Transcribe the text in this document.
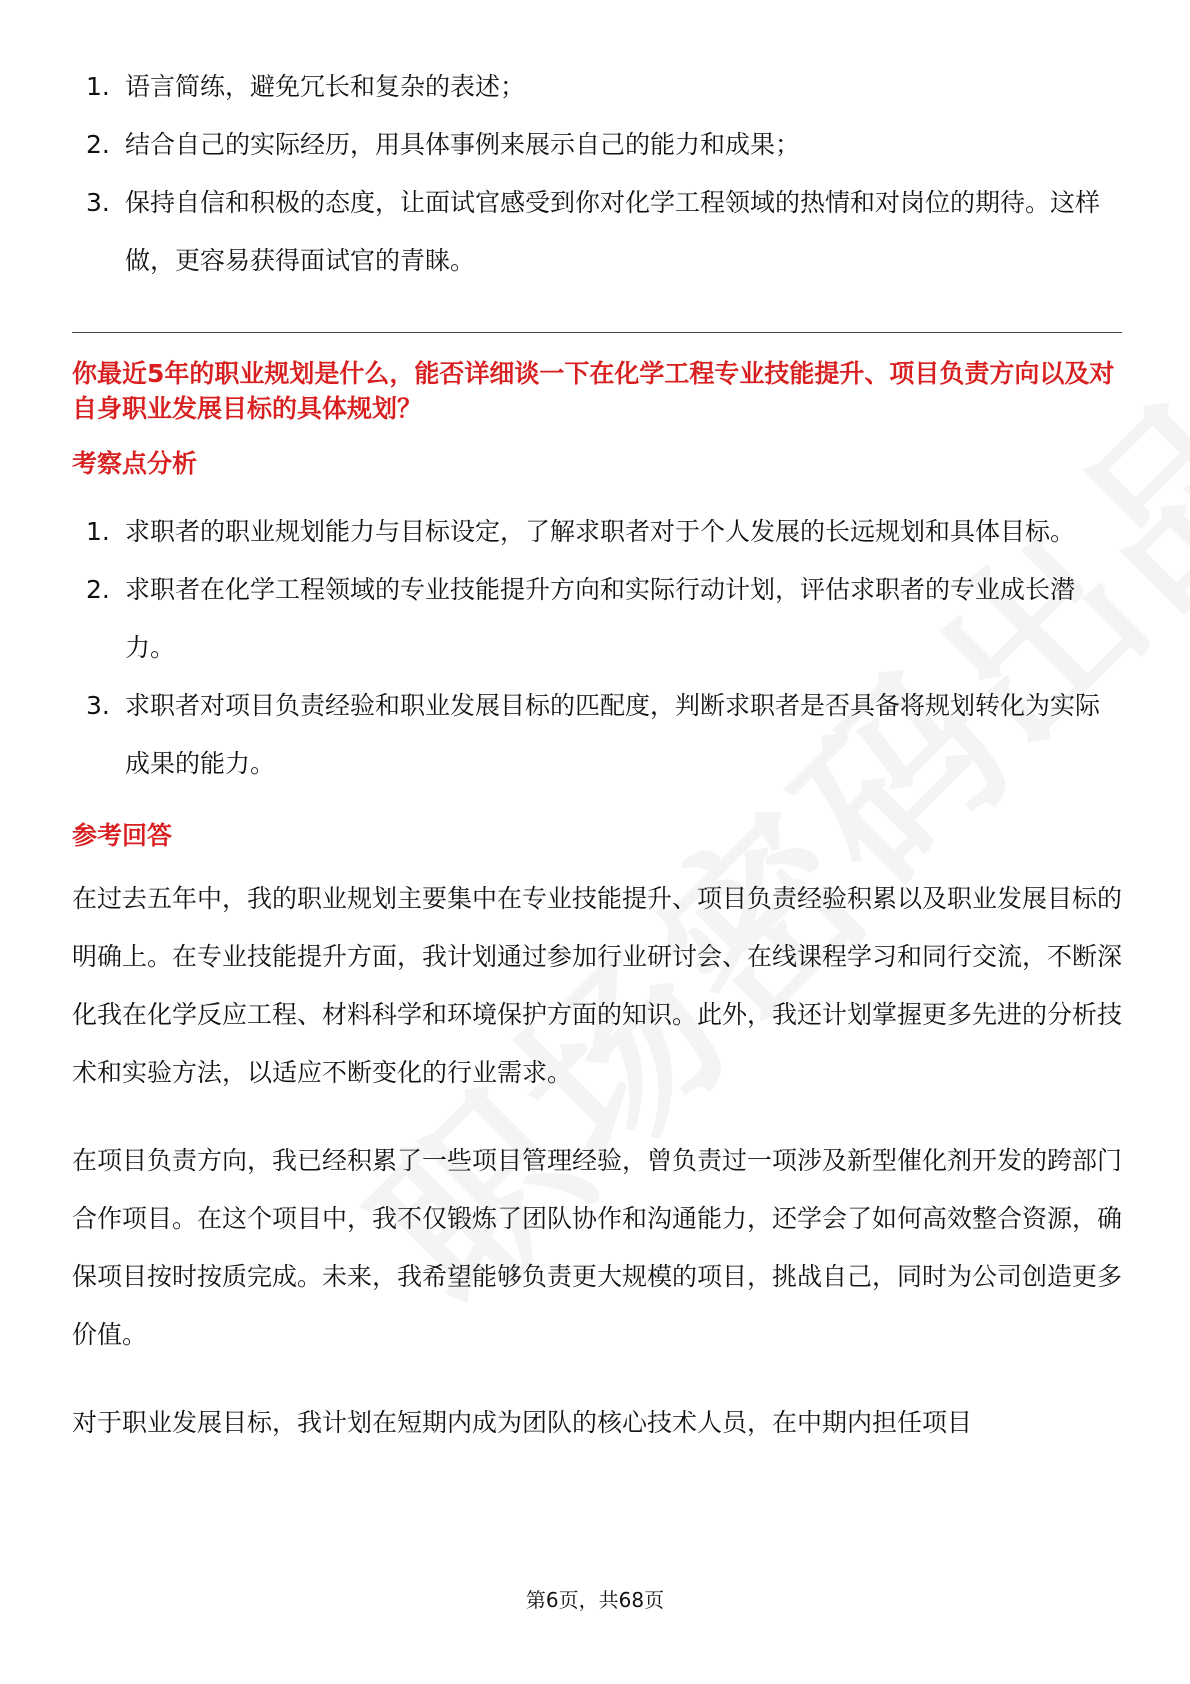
1. 语言简练，避免冗长和复杂的表述；
2. 结合自己的实际经历，用具体事例来展示自己的能力和成果；
3. 保持自信和积极的态度，让面试官感受到你对化学工程领域的热情和对岗位的期待。这样做，更容易获得面试官的青睐。
你最近5年的职业规划是什么，能否详细谈一下在化学工程专业技能提升、项目负责方向以及对自身职业发展目标的具体规划？
考察点分析
1. 求职者的职业规划能力与目标设定，了解求职者对于个人发展的长远规划和具体目标。
2. 求职者在化学工程领域的专业技能提升方向和实际行动计划，评估求职者的专业成长潜力。
3. 求职者对项目负责经验和职业发展目标的匹配度，判断求职者是否具备将规划转化为实际成果的能力。
参考回答

在过去五年中，我的职业规划主要集中在专业技能提升、项目负责经验积累以及职业发展目标的明确上。在专业技能提升方面，我计划通过参加行业研讨会、在线课程学习和同行交流，不断深化我在化学反应工程、材料科学和环境保护方面的知识。此外，我还计划掌握更多先进的分析技术和实验方法，以适应不断变化的行业需求。

在项目负责方向，我已经积累了一些项目管理经验，曾负责过一项涉及新型催化剂开发的跨部门合作项目。在这个项目中，我不仅锻炼了团队协作和沟通能力，还学会了如何高效整合资源，确保项目按时按质完成。未来，我希望能够负责更大规模的项目，挑战自己，同时为公司创造更多价值。

对于职业发展目标，我计划在短期内成为团队的核心技术人员，在中期内担任项目

第6页，共68页
